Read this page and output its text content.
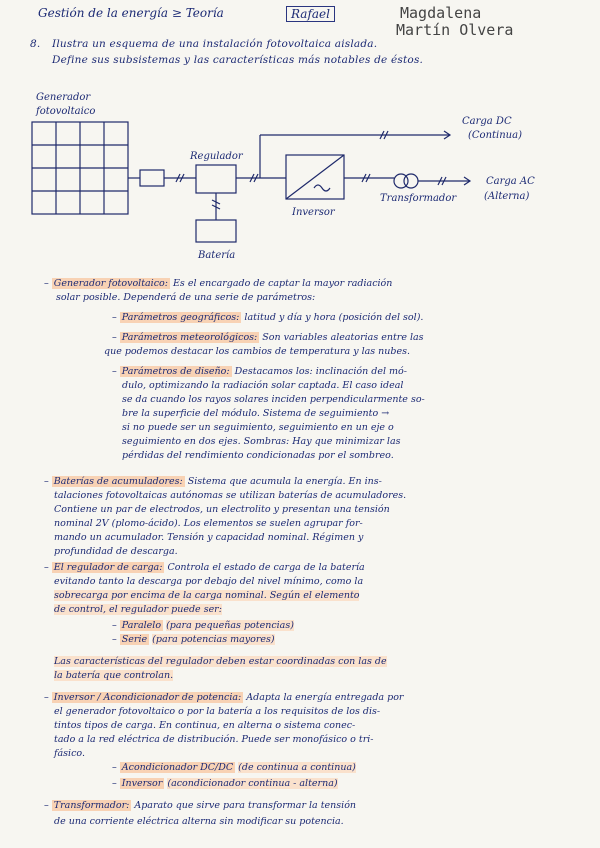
Gestión de la energía ≥ Teoría	Rafael	Magdalena
Martín Olvera
8. Ilustra un esquema de una instalación fotovoltaica aislada.
Define sus subsistemas y las características más notables de éstos.
Generador
fotovoltaico
Regulador
Batería
Inversor
Transformador
Carga DC
(Continua)
Carga AC
(Alterna)
– Generador fotovoltaico: Es el encargado de captar la mayor radiación
solar posible. Dependerá de una serie de parámetros:
– Parámetros geográficos: latitud y día y hora (posición del sol).
– Parámetros meteorológicos: Son variables aleatorias entre las
que podemos destacar los cambios de temperatura y las nubes.
– Parámetros de diseño: Destacamos los: inclinación del mó-
dulo, optimizando la radiación solar captada. El caso ideal
se da cuando los rayos solares inciden perpendicularmente so-
bre la superficie del módulo. Sistema de seguimiento →
si no puede ser un seguimiento, seguimiento en un eje o
seguimiento en dos ejes. Sombras: Hay que minimizar las
pérdidas del rendimiento condicionadas por el sombreo.
– Baterías de acumuladores: Sistema que acumula la energía. En ins-
talaciones fotovoltaicas autónomas se utilizan baterías de acumuladores.
Contiene un par de electrodos, un electrolito y presentan una tensión
nominal 2V (plomo-ácido). Los elementos se suelen agrupar for-
mando un acumulador. Tensión y capacidad nominal. Régimen y
profundidad de descarga.
– El regulador de carga: Controla el estado de carga de la batería
evitando tanto la descarga por debajo del nivel mínimo, como la
sobrecarga por encima de la carga nominal. Según el elemento
de control, el regulador puede ser:
– Paralelo (para pequeñas potencias)
– Serie (para potencias mayores)
Las características del regulador deben estar coordinadas con las de
la batería que controlan.
– Inversor / Acondicionador de potencia: Adapta la energía entregada por
el generador fotovoltaico o por la batería a los requisitos de los dis-
tintos tipos de carga. En continua, en alterna o sistema conec-
tado a la red eléctrica de distribución. Puede ser monofásico o tri-
fásico.
– Acondicionador DC/DC (de continua a continua)
– Inversor (acondicionador continua - alterna)
– Transformador: Aparato que sirve para transformar la tensión
de una corriente eléctrica alterna sin modificar su potencia.
